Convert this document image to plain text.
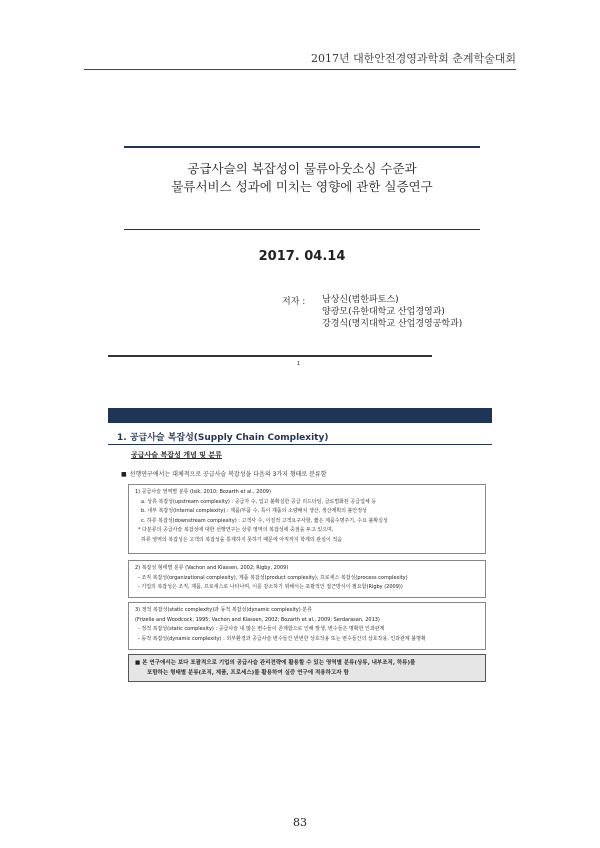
2017년 대한안전경영과학회 춘계학술대회
공급사슬의 복잡성이 물류아웃소싱 수준과
물류서비스 성과에 미치는 영향에 관한 실증연구
2017. 04.14
저자 : 남상신(범한파토스)
양광모(유한대학교 산업경영과)
강경식(명지대학교 산업경영공학과)
1
1. 공급사슬 복잡성(Supply Chain Complexity)
공급사슬 복잡성 개념 및 분류
■ 선행연구에서는 대체적으로 공급사슬 복잡성을 다음의 3가지 형태로 분류함
1) 공급사슬 영역별 분류 (Isik, 2010; Bozarth et al., 2009)
a. 상류 복잡성(upstream complexity) : 공급자 수, 입고 불확실한 공급 리드타임, 글로벌화된 공급업체 등
b. 내부 복잡성(internal complexity) : 제품/부품 수, 특이 제품의 소량배치 생산, 생산계획의 불안정성
c. 하류 복잡성(downstream complexity) : 고객사 수, 이질적 고객요구사항, 짧은 제품수명주기, 수요 불확실성
* 다분류의 공급사슬 복잡성에 대한 선행연구는 상류 영역의 복잡성에 중점을 두고 있으며,
하류 영역의 복잡성은 고객의 복잡성을 통제하지 못하기 때문에 아직까지 학계의 관심이 적음
2) 복잡성 형태별 분류 (Vachon and Klassen, 2002; Rigby, 2009)
- 조직 복잡성(organizational complexity), 제품 복잡성(product complexity), 프로세스 복잡성(process complexity)
- 기업의 복잡성은 조직, 제품, 프로세스로 나타나며, 이를 감소하기 위해서는 포괄적인 접근방식이 필요함(Rigby (2009))
3) 정적 복잡성(static complexity)과 동적 복잡성(dynamic complexity) 분류
(Frizelle and Woodcock, 1995; Vachon and Klassen, 2002; Bozarth et al., 2009; Serdarasan, 2013)
- 정적 복잡성(static complexity) : 공급사슬 내 많은 변수들이 존재함으로 인해 발생, 변수들은 명확한 인과관계
- 동적 복잡성(dynamic complexity) : 외부환경과 공급사슬 변수들간 빈번한 상호작용 또는 변수들간의 상호작용, 인과관계 불명확
■ 본 연구에서는 보다 포괄적으로 기업의 공급사슬 관리전략에 활용할 수 있는 영역별 분류(상류, 내부조직, 하류)를
포함하는 형태별 분류(조직, 제품, 프로세스)를 활용하여 실증 연구에 적용하고자 함
83
